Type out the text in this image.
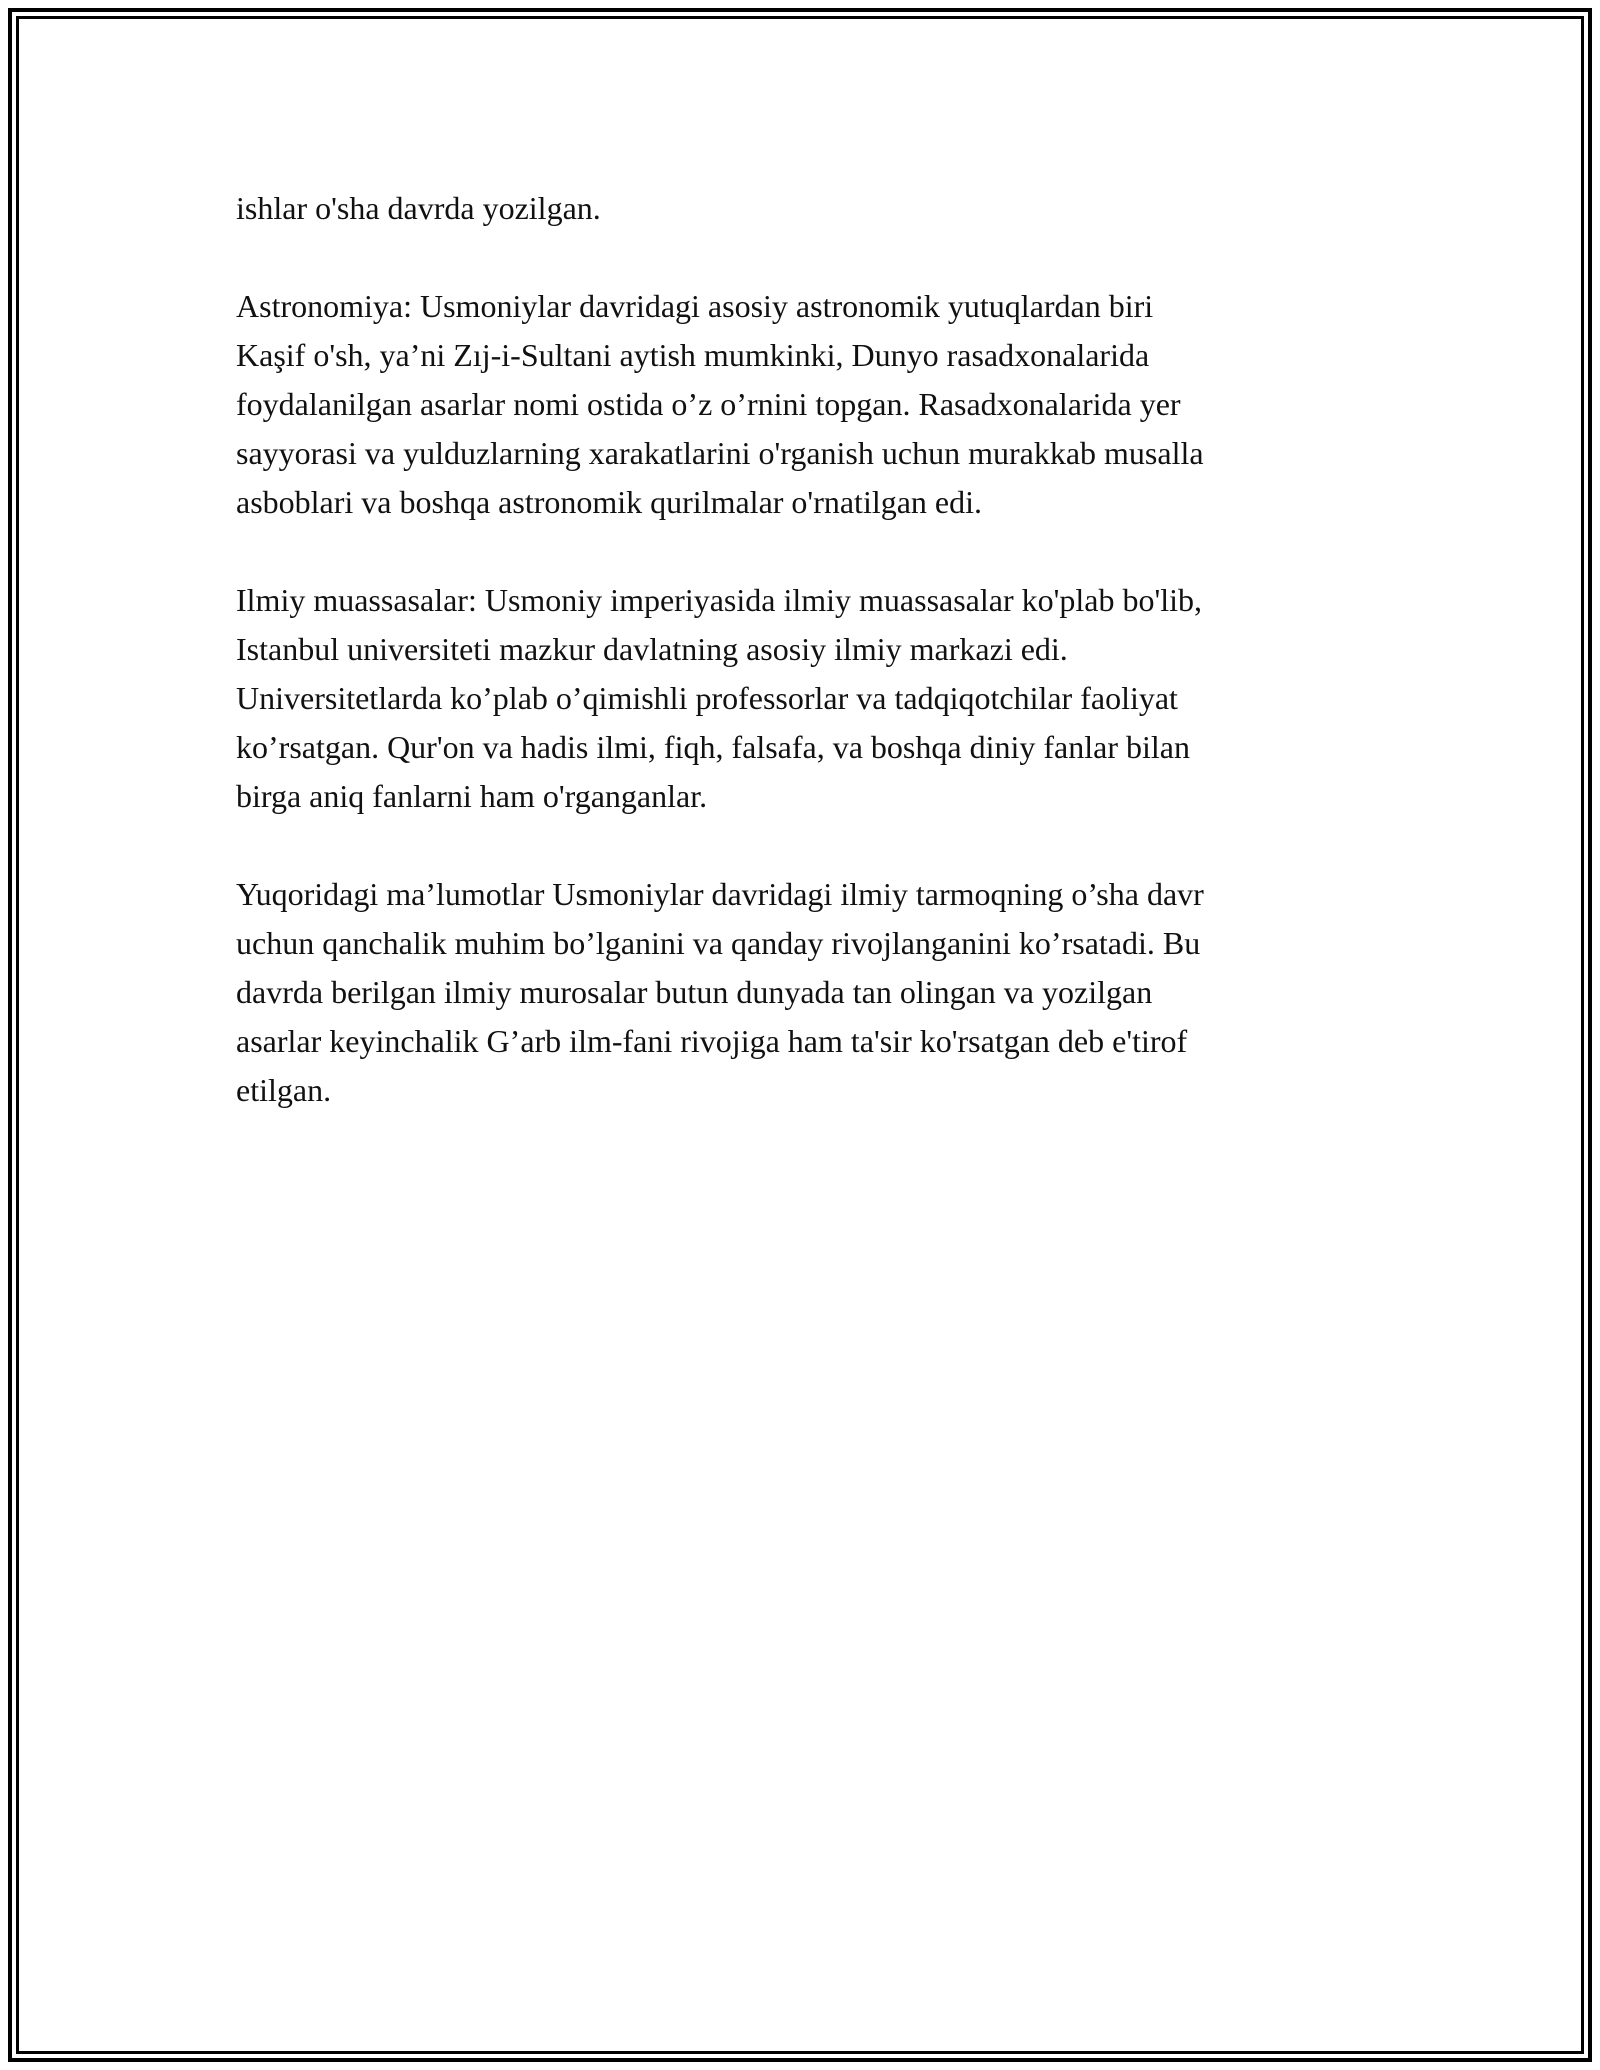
ishlar o'sha davrda yozilgan.

Astronomiya: Usmoniylar davridagi asosiy astronomik yutuqlardan biri
Kaşif o'sh, ya’ni Zıj-i-Sultani aytish mumkinki, Dunyo rasadxonalarida
foydalanilgan asarlar nomi ostida o’z o’rnini topgan. Rasadxonalarida yer
sayyorasi va yulduzlarning xarakatlarini o'rganish uchun murakkab musalla
asboblari va boshqa astronomik qurilmalar o'rnatilgan edi.

Ilmiy muassasalar: Usmoniy imperiyasida ilmiy muassasalar ko'plab bo'lib,
Istanbul universiteti mazkur davlatning asosiy ilmiy markazi edi.
Universitetlarda ko’plab o’qimishli professorlar va tadqiqotchilar faoliyat
ko’rsatgan. Qur'on va hadis ilmi, fiqh, falsafa, va boshqa diniy fanlar bilan
birga aniq fanlarni ham o'rganganlar.

Yuqoridagi ma’lumotlar Usmoniylar davridagi ilmiy tarmoqning o’sha davr
uchun qanchalik muhim bo’lganini va qanday rivojlanganini ko’rsatadi. Bu
davrda berilgan ilmiy murosalar butun dunyada tan olingan va yozilgan
asarlar keyinchalik G’arb ilm-fani rivojiga ham ta'sir ko'rsatgan deb e'tirof
etilgan.
